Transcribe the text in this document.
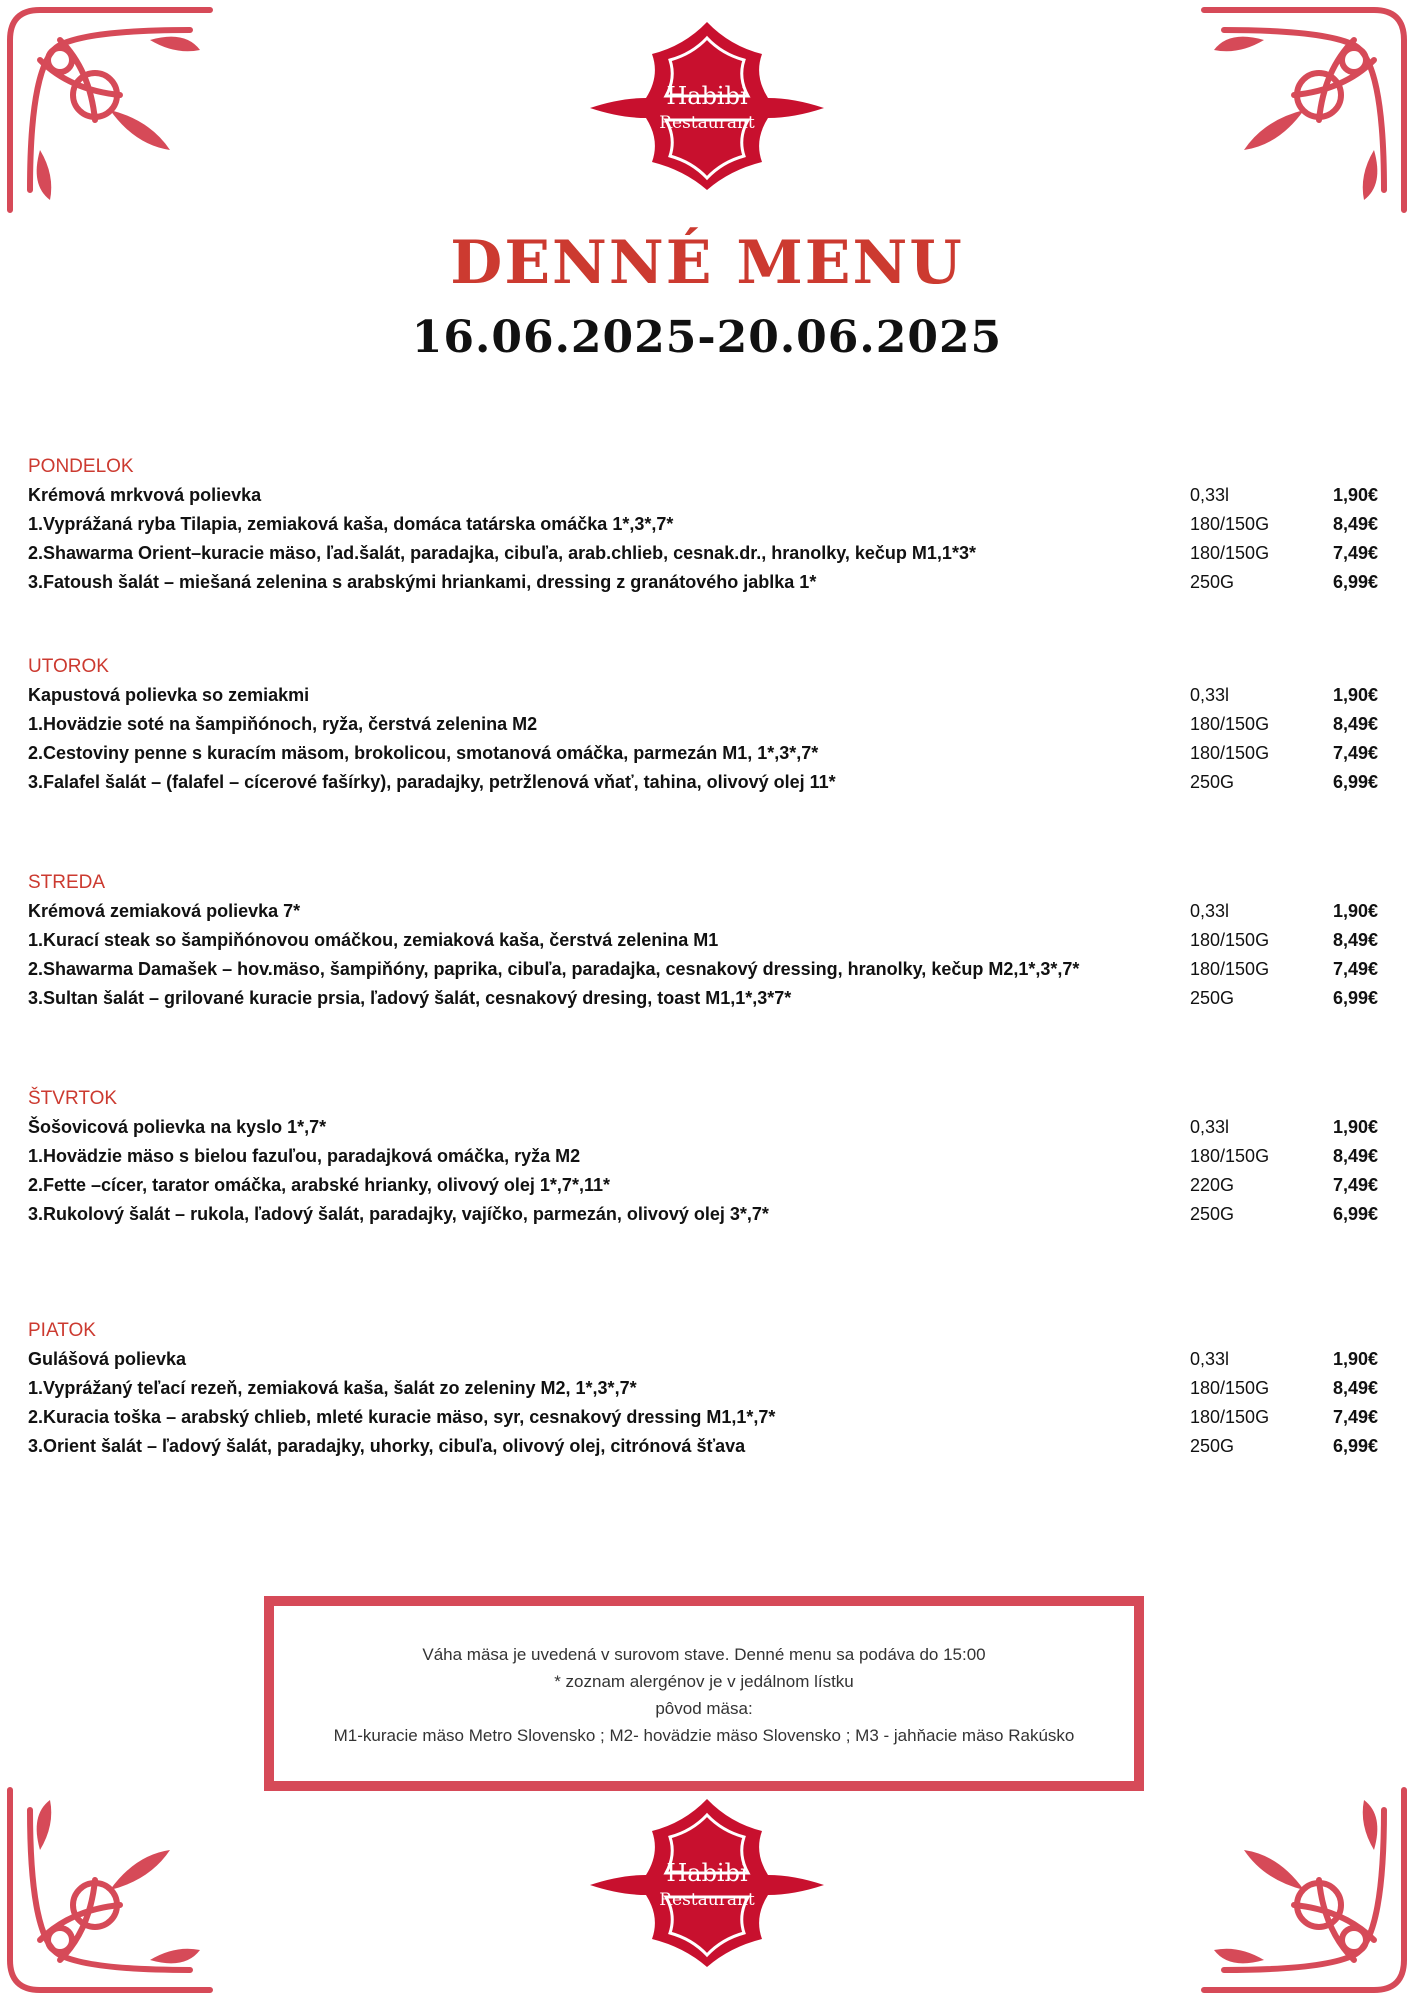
Habibi
Restaurant
DENNÉ MENU
16.06.2025-20.06.2025
PONDELOK
Krémová mrkvová polievka	0,33l	1,90€
1.Vyprážaná ryba Tilapia, zemiaková kaša, domáca tatárska omáčka 1*,3*,7*	180/150G	8,49€
2.Shawarma Orient–kuracie mäso, ľad.šalát, paradajka, cibuľa, arab.chlieb, cesnak.dr., hranolky, kečup M1,1*3*	180/150G	7,49€
3.Fatoush šalát – miešaná zelenina s arabskými hriankami, dressing z granátového jablka 1*	250G	6,99€
UTOROK
Kapustová polievka so zemiakmi	0,33l	1,90€
1.Hovädzie soté na šampiňónoch, ryža, čerstvá zelenina M2	180/150G	8,49€
2.Cestoviny penne s kuracím mäsom, brokolicou, smotanová omáčka, parmezán M1, 1*,3*,7*	180/150G	7,49€
3.Falafel šalát – (falafel – cícerové fašírky), paradajky, petržlenová vňať, tahina, olivový olej 11*	250G	6,99€
STREDA
Krémová zemiaková polievka 7*	0,33l	1,90€
1.Kurací steak so šampiňónovou omáčkou, zemiaková kaša, čerstvá zelenina M1	180/150G	8,49€
2.Shawarma Damašek – hov.mäso, šampiňóny, paprika, cibuľa, paradajka, cesnakový dressing, hranolky, kečup M2,1*,3*,7*	180/150G	7,49€
3.Sultan šalát – grilované kuracie prsia, ľadový šalát, cesnakový dresing, toast M1,1*,3*7*	250G	6,99€
ŠTVRTOK
Šošovicová polievka na kyslo 1*,7*	0,33l	1,90€
1.Hovädzie mäso s bielou fazuľou, paradajková omáčka, ryža M2	180/150G	8,49€
2.Fette –cícer, tarator omáčka, arabské hrianky, olivový olej 1*,7*,11*	220G	7,49€
3.Rukolový šalát – rukola, ľadový šalát, paradajky, vajíčko, parmezán, olivový olej 3*,7*	250G	6,99€
PIATOK
Gulášová polievka	0,33l	1,90€
1.Vyprážaný teľací rezeň, zemiaková kaša, šalát zo zeleniny M2, 1*,3*,7*	180/150G	8,49€
2.Kuracia toška – arabský chlieb, mleté kuracie mäso, syr, cesnakový dressing M1,1*,7*	180/150G	7,49€
3.Orient šalát – ľadový šalát, paradajky, uhorky, cibuľa, olivový olej, citrónová šťava	250G	6,99€
Váha mäsa je uvedená v surovom stave. Denné menu sa podáva do 15:00
* zoznam alergénov je v jedálnom lístku
pôvod mäsa:
M1-kuracie mäso Metro Slovensko ; M2- hovädzie mäso Slovensko ; M3 - jahňacie mäso Rakúsko
Habibi
Restaurant
